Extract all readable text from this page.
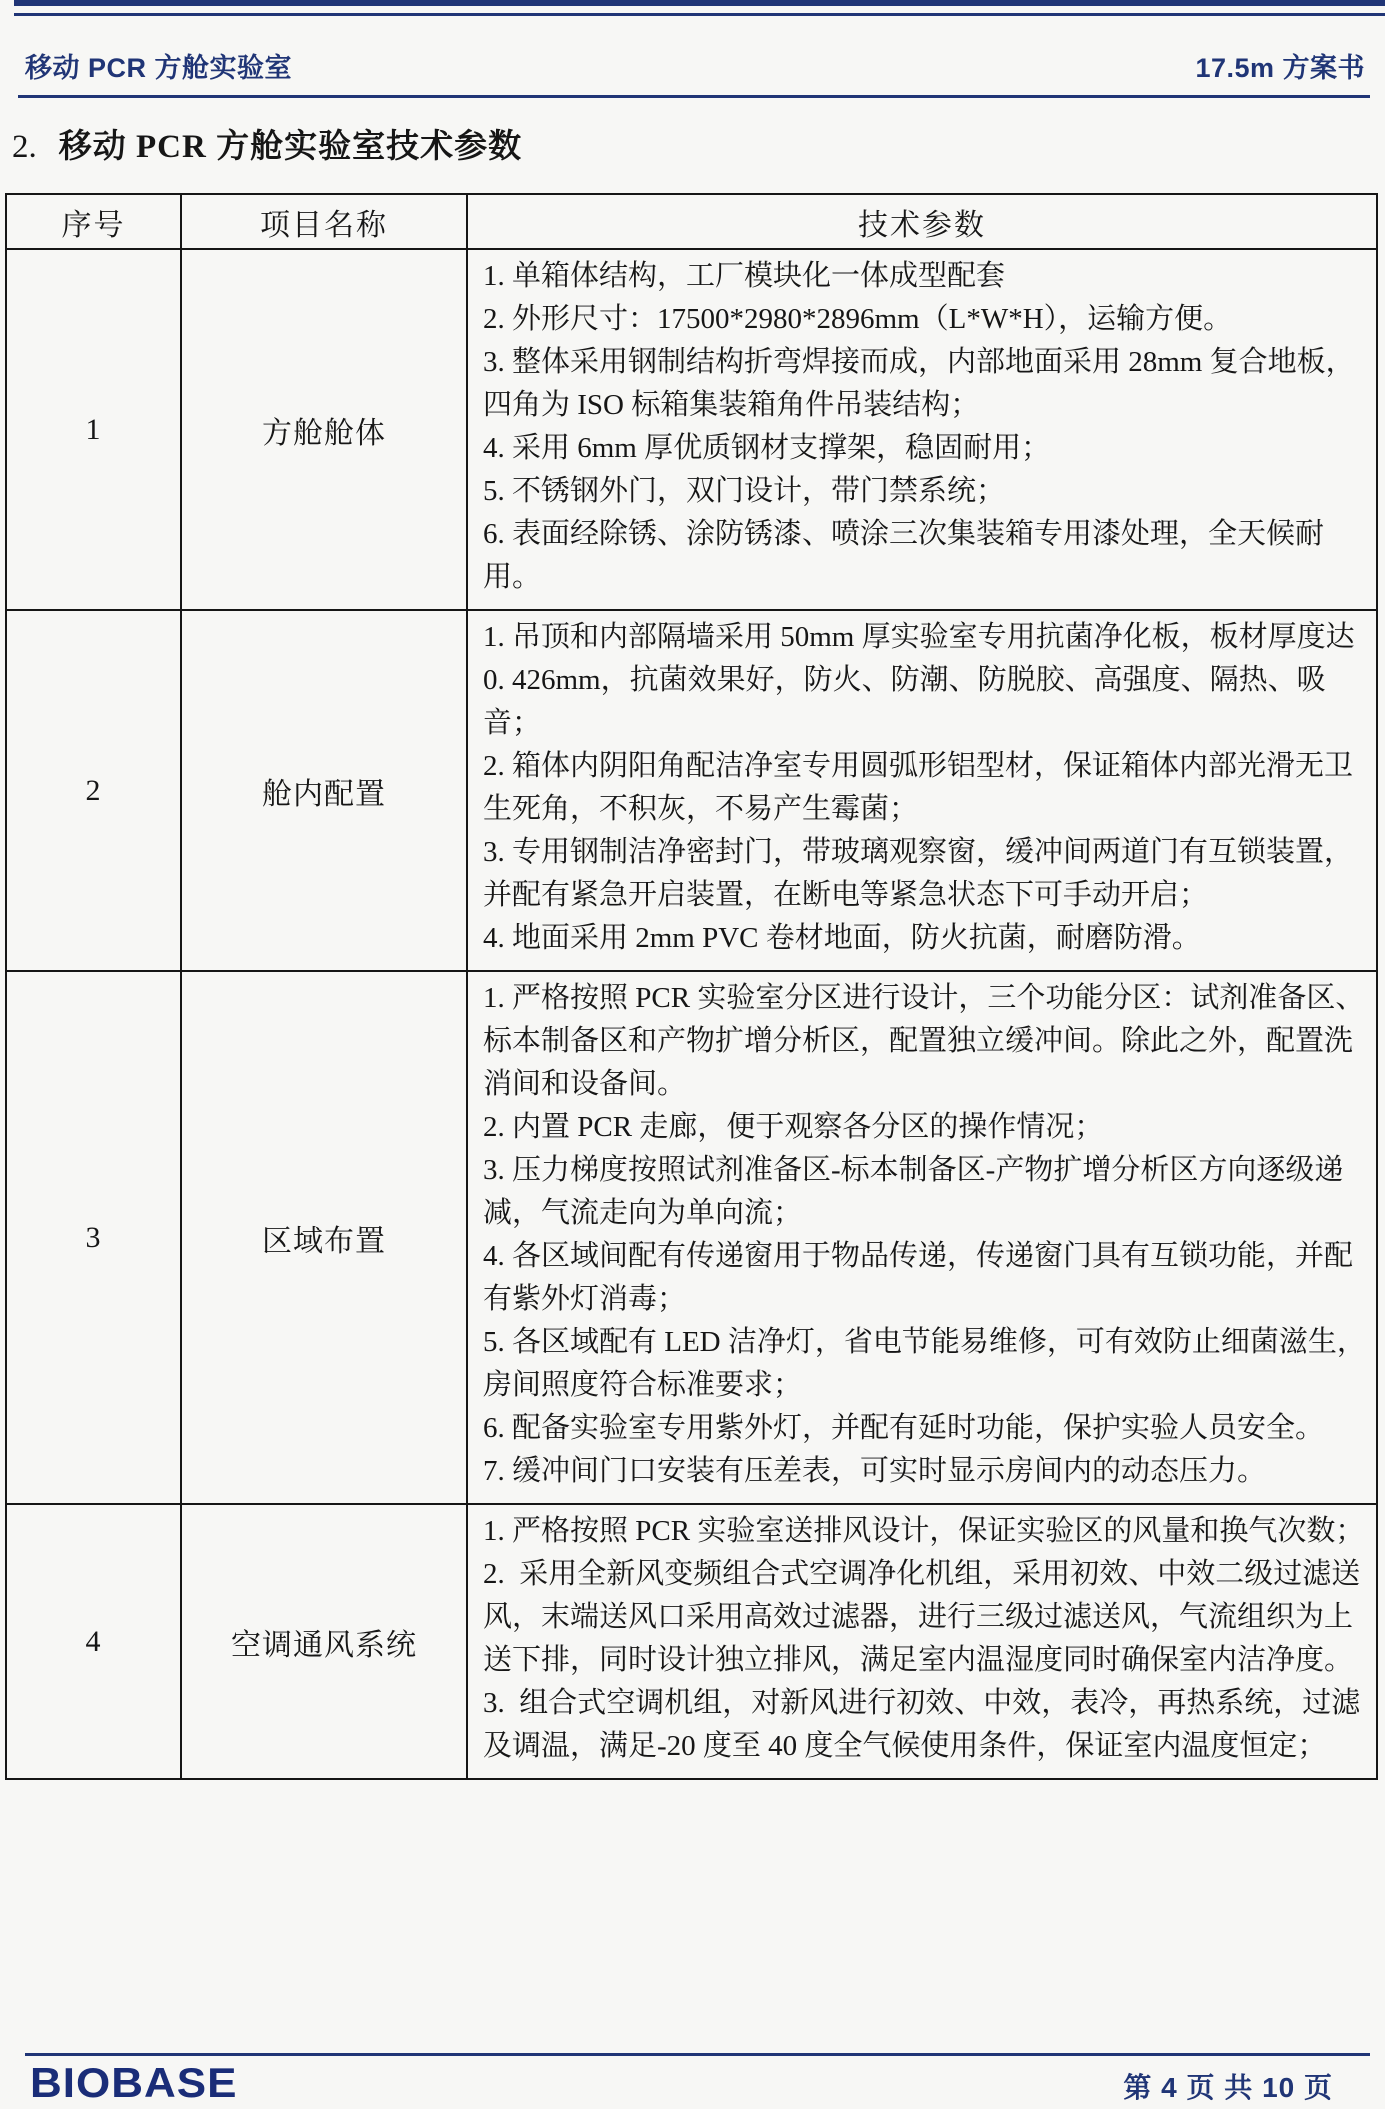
移动 PCR 方舱实验室	17.5m 方案书
2. 移动 PCR 方舱实验室技术参数
序号	项目名称	技术参数
1	方舱舱体	

1. 单箱体结构，工厂模块化一体成型配套

2. 外形尺寸：17500*2980*2896mm（L*W*H），运输方便。

3. 整体采用钢制结构折弯焊接而成，内部地面采用 28mm 复合地板，四角为 ISO 标箱集装箱角件吊装结构；

4. 采用 6mm 厚优质钢材支撑架，稳固耐用；

5. 不锈钢外门，双门设计，带门禁系统；

6. 表面经除锈、涂防锈漆、喷涂三次集装箱专用漆处理，全天候耐用。

2	舱内配置	1. 吊顶和内部隔墙采用 50mm 厚实验室专用抗菌净化板，板材厚度达 0. 426mm，抗菌效果好，防火、防潮、防脱胶、高强度、隔热、吸音；

2. 箱体内阴阳角配洁净室专用圆弧形铝型材，保证箱体内部光滑无卫生死角，不积灰，不易产生霉菌；

3. 专用钢制洁净密封门，带玻璃观察窗，缓冲间两道门有互锁装置，并配有紧急开启装置，在断电等紧急状态下可手动开启；

4. 地面采用 2mm PVC 卷材地面，防火抗菌，耐磨防滑。

3	区域布置	

1. 严格按照 PCR 实验室分区进行设计，三个功能分区：试剂准备区、标本制备区和产物扩增分析区，配置独立缓冲间。除此之外，配置洗消间和设备间。

2. 内置 PCR 走廊，便于观察各分区的操作情况；

3. 压力梯度按照试剂准备区-标本制备区-产物扩增分析区方向逐级递减，气流走向为单向流；

4. 各区域间配有传递窗用于物品传递，传递窗门具有互锁功能，并配有紫外灯消毒；

5. 各区域配有 LED 洁净灯，省电节能易维修，可有效防止细菌滋生，房间照度符合标准要求；

6. 配备实验室专用紫外灯，并配有延时功能，保护实验人员安全。

7. 缓冲间门口安装有压差表，可实时显示房间内的动态压力。

4	空调通风系统	1. 严格按照 PCR 实验室送排风设计，保证实验区的风量和换气次数；

2.  采用全新风变频组合式空调净化机组，采用初效、中效二级过滤送风，末端送风口采用高效过滤器，进行三级过滤送风，气流组织为上送下排，同时设计独立排风，满足室内温湿度同时确保室内洁净度。

3.  组合式空调机组，对新风进行初效、中效，表冷，再热系统，过滤及调温，满足-20 度至 40 度全气候使用条件，保证室内温度恒定；

BIOBASE	第 4 页 共 10 页
